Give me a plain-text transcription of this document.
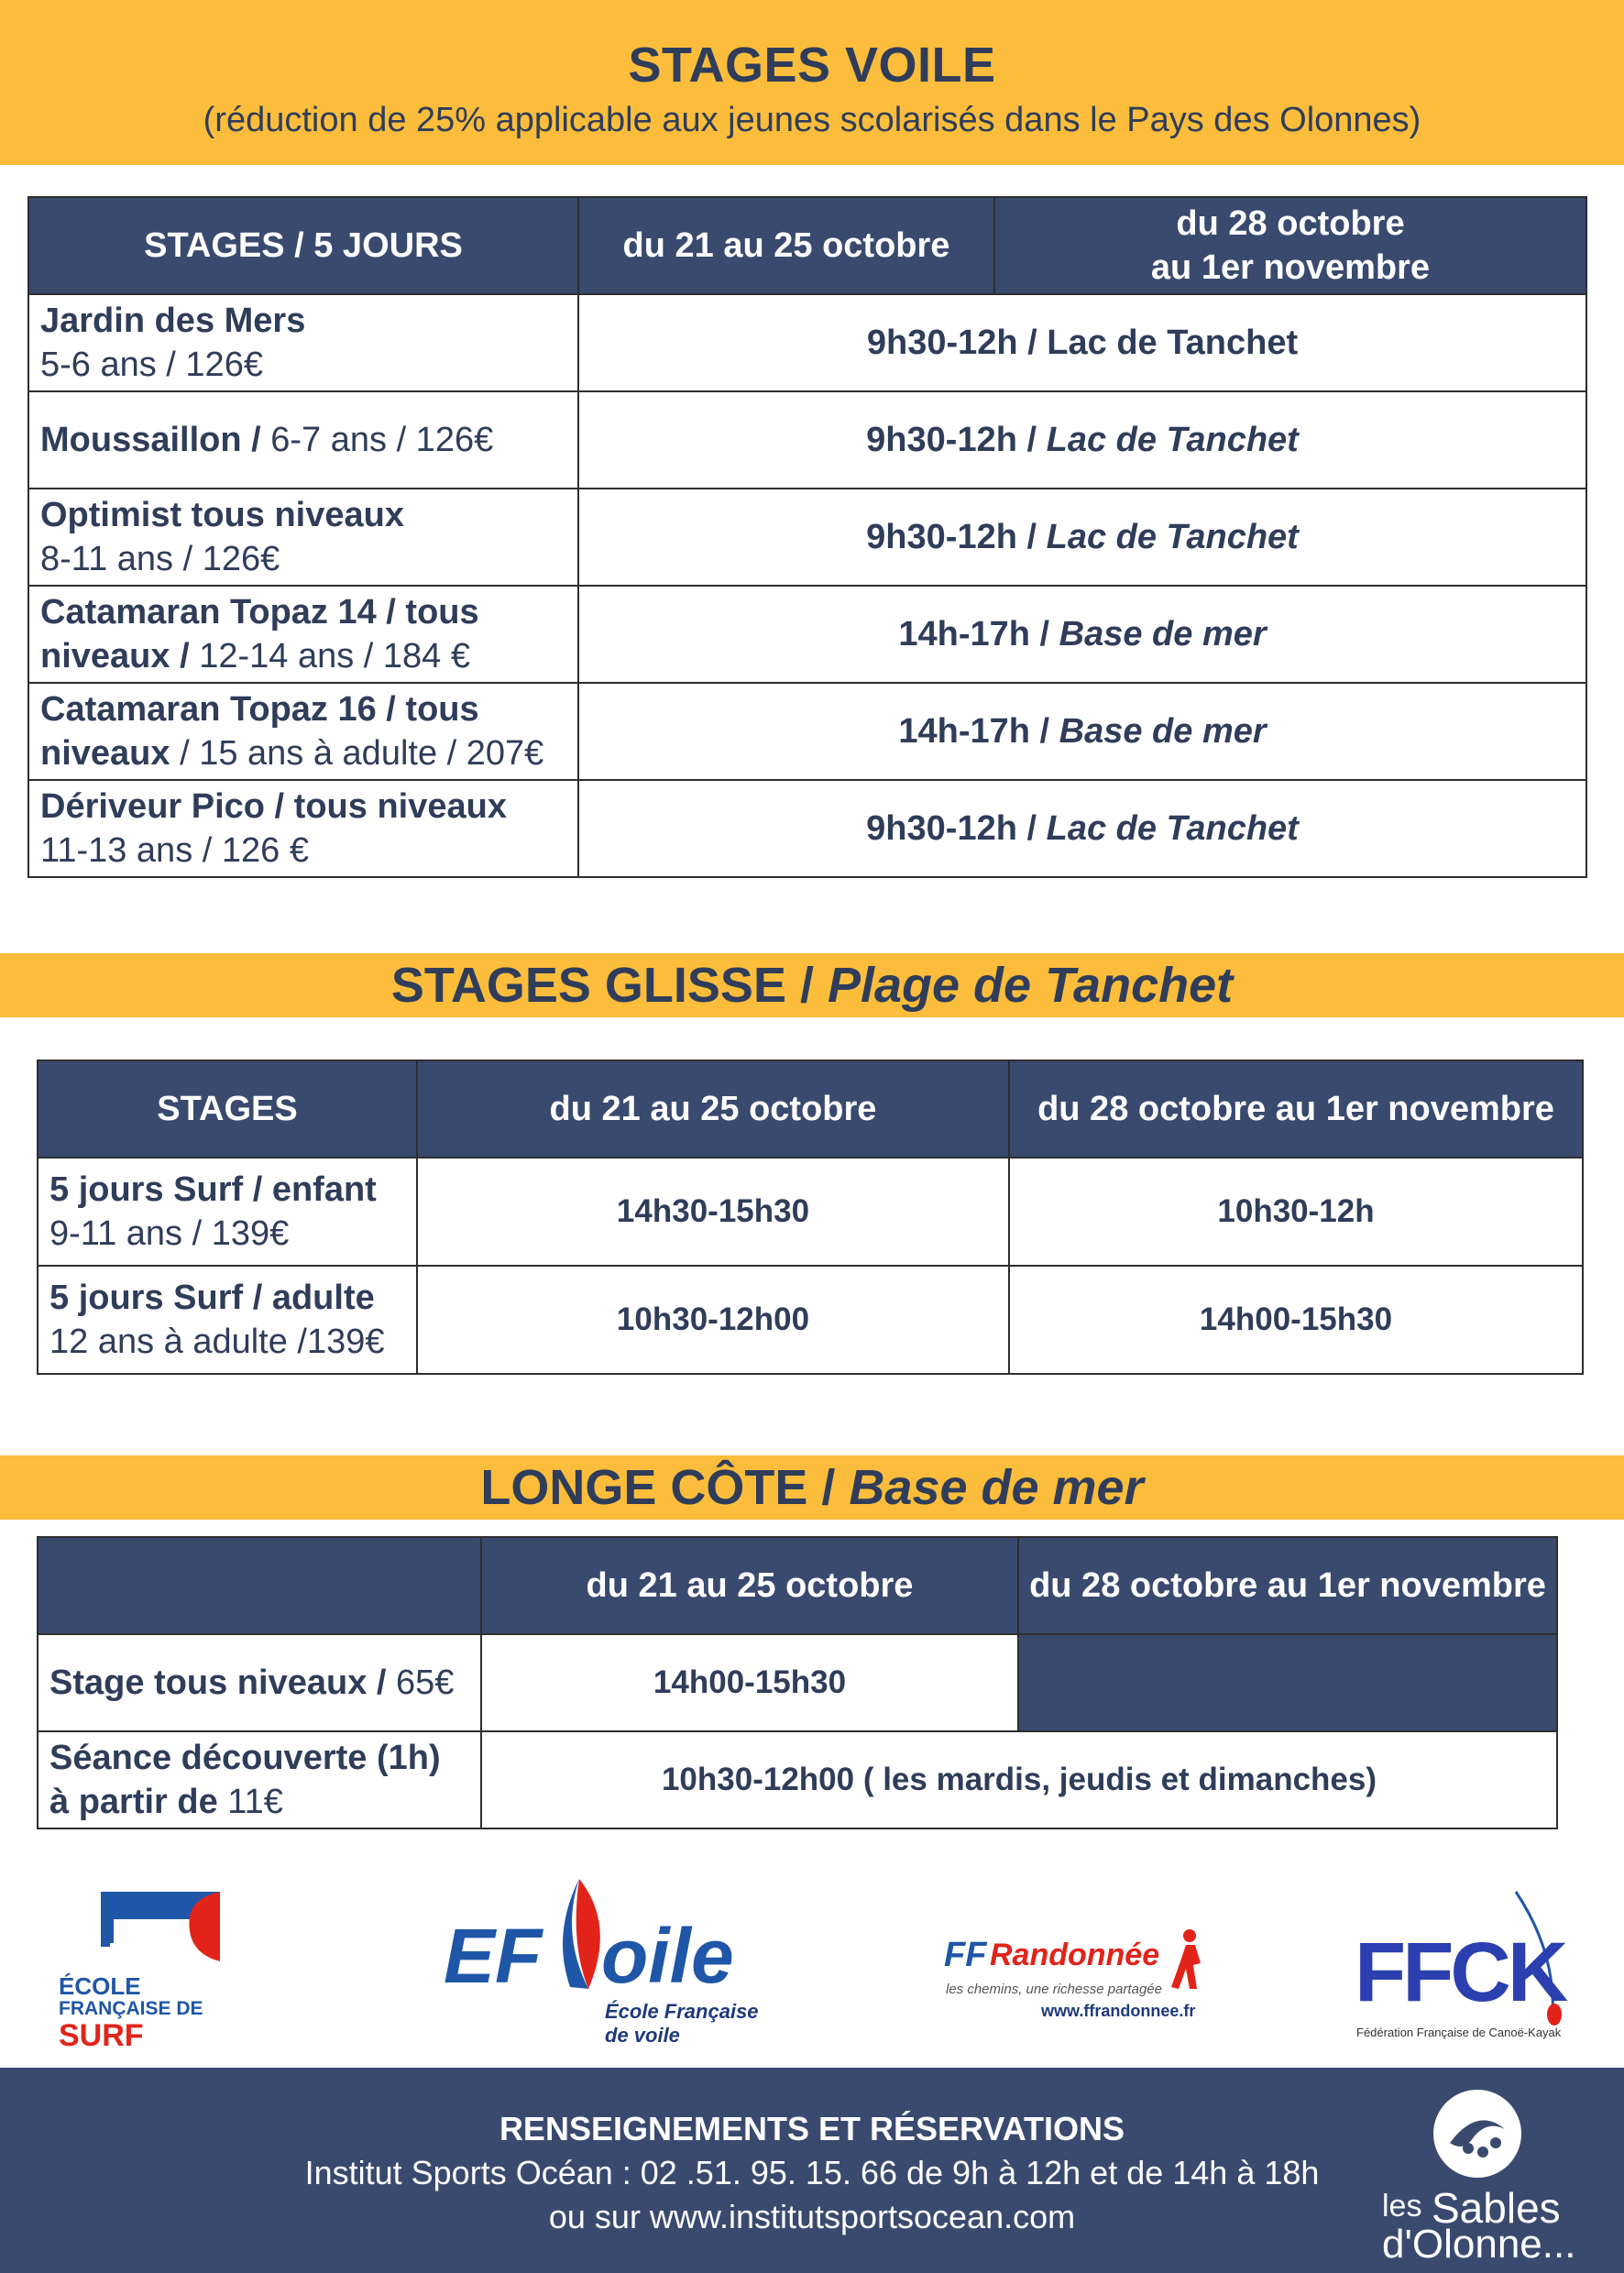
STAGES VOILE

(réduction de 25% applicable aux jeunes scolarisés dans le Pays des Olonnes)

STAGES / 5 JOURS	du 21 au 25 octobre	du 28 octobre
au 1er novembre

Jardin des Mers
5-6 ans / 126€	9h30-12h / Lac de Tanchet	
Moussaillon / 6-7 ans / 126€	9h30-12h / Lac de Tanchet	
Optimist tous niveaux
8-11 ans / 126€	9h30-12h / Lac de Tanchet	
Catamaran Topaz 14 / tous
niveaux / 12-14 ans / 184 €	14h-17h / Base de mer	
Catamaran Topaz 16 / tous
niveaux / 15 ans à adulte / 207€	14h-17h / Base de mer	
Dériveur Pico / tous niveaux
11-13 ans / 126 €	9h30-12h / Lac de Tanchet	
STAGES GLISSE / Plage de Tanchet
STAGES	du 21 au 25 octobre	du 28 octobre au 1er novembre
5 jours Surf / enfant
9-11 ans / 139€	14h30-15h30	10h30-12h
5 jours Surf / adulte
12 ans à adulte /139€	10h30-12h00	14h00-15h30
LONGE CÔTE / Base de mer
	du 21 au 25 octobre	du 28 octobre au 1er novembre
Stage tous niveaux / 65€	14h00-15h30	
Séance découverte (1h)
à partir de 11€	10h30-12h00 ( les mardis, jeudis et dimanches)	
ÉCOLE
FRANÇAISE DE
SURF
EF oile
École Française
de voile
FF Randonnée
les chemins, une richesse partagée
www.ffrandonnee.fr FFCK
Fédération Française de Canoë-Kayak
RENSEIGNEMENTS ET RÉSERVATIONS
Institut Sports Océan : 02 .51. 95. 15. 66 de 9h à 12h et de 14h à 18h
ou sur www.institutsportsocean.com	les Sables
d'Olonne...
